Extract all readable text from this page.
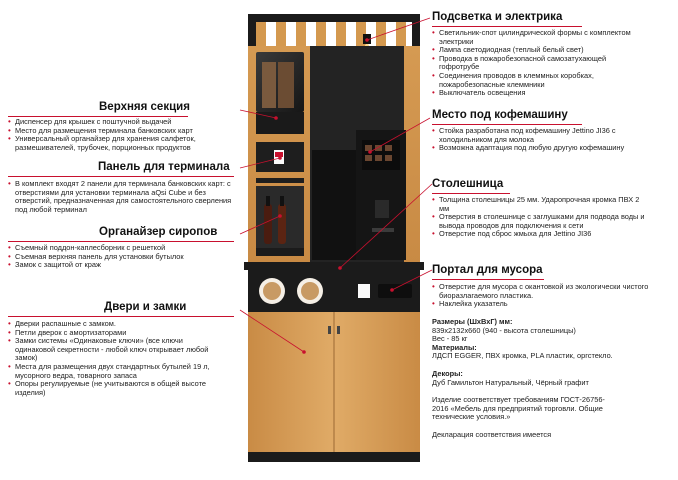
Подсветка и электрика
• Светильник-спот цилиндрической формы с комплектом электрики
• Лампа светодиодная (теплый белый свет)
• Проводка в пожаробезопасной самозатухающей гофротрубе
• Соединения проводов в клеммных коробках, пожаробезопасные клеммники
• Выключатель освещения
Место под кофемашину
• Стойка разработана под кофемашину Jettino JI36 с холодильником для молока
• Возможна адаптация под любую другую кофемашину
Столешница
• Толщина столешницы 25 мм. Ударопрочная кромка ПВХ 2 мм
• Отверстия в столешнице с заглушками для подвода воды и вывода проводов для подключения к сети
• Отверстие под сброс жмыха для Jettino JI36
Портал для мусора
• Отверстие для мусора с окантовкой из экологически чистого биоразлагаемого пластика.
• Наклейка указатель
Размеры (ШхВхГ) мм:
839х2132х660 (940 - высота столешницы)
Вес - 85 кг
Материалы:
ЛДСП EGGER, ПВХ кромка, PLA пластик, оргстекло.
Декоры:
Дуб Гамильтон Натуральный, Чёрный графит
Изделие соответствует требованиям ГОСТ-26756-2016 «Мебель для предприятий торговли. Общие технические условия.»
Декларация соответствия имеется
Верхняя секция
• Диспенсер для крышек с поштучной выдачей
• Место для размещения терминала банковских карт
• Универсальный органайзер для хранения салфеток, размешивателей, трубочек, порционных продуктов
Панель для терминала
• В комплект входят 2 панели для терминала банковских карт: с отверстиями для установки терминала aQsi Cube и без отверстий, предназначенная для самостоятельного сверления под любой терминал
Органайзер сиропов
• Съемный поддон-каплесборник с решеткой
• Съемная верхняя панель для установки бутылок
• Замок с защитой от краж
Двери и замки
• Дверки распашные с замком.
• Петли дверок с амортизаторами
• Замки системы «Одинаковые ключи» (все ключи одинаковой секретности - любой ключ открывает любой замок)
• Места для размещения двух стандартных бутылей 19 л, мусорного ведра, товарного запаса
• Опоры регулируемые (не учитываются в общей высоте изделия)
